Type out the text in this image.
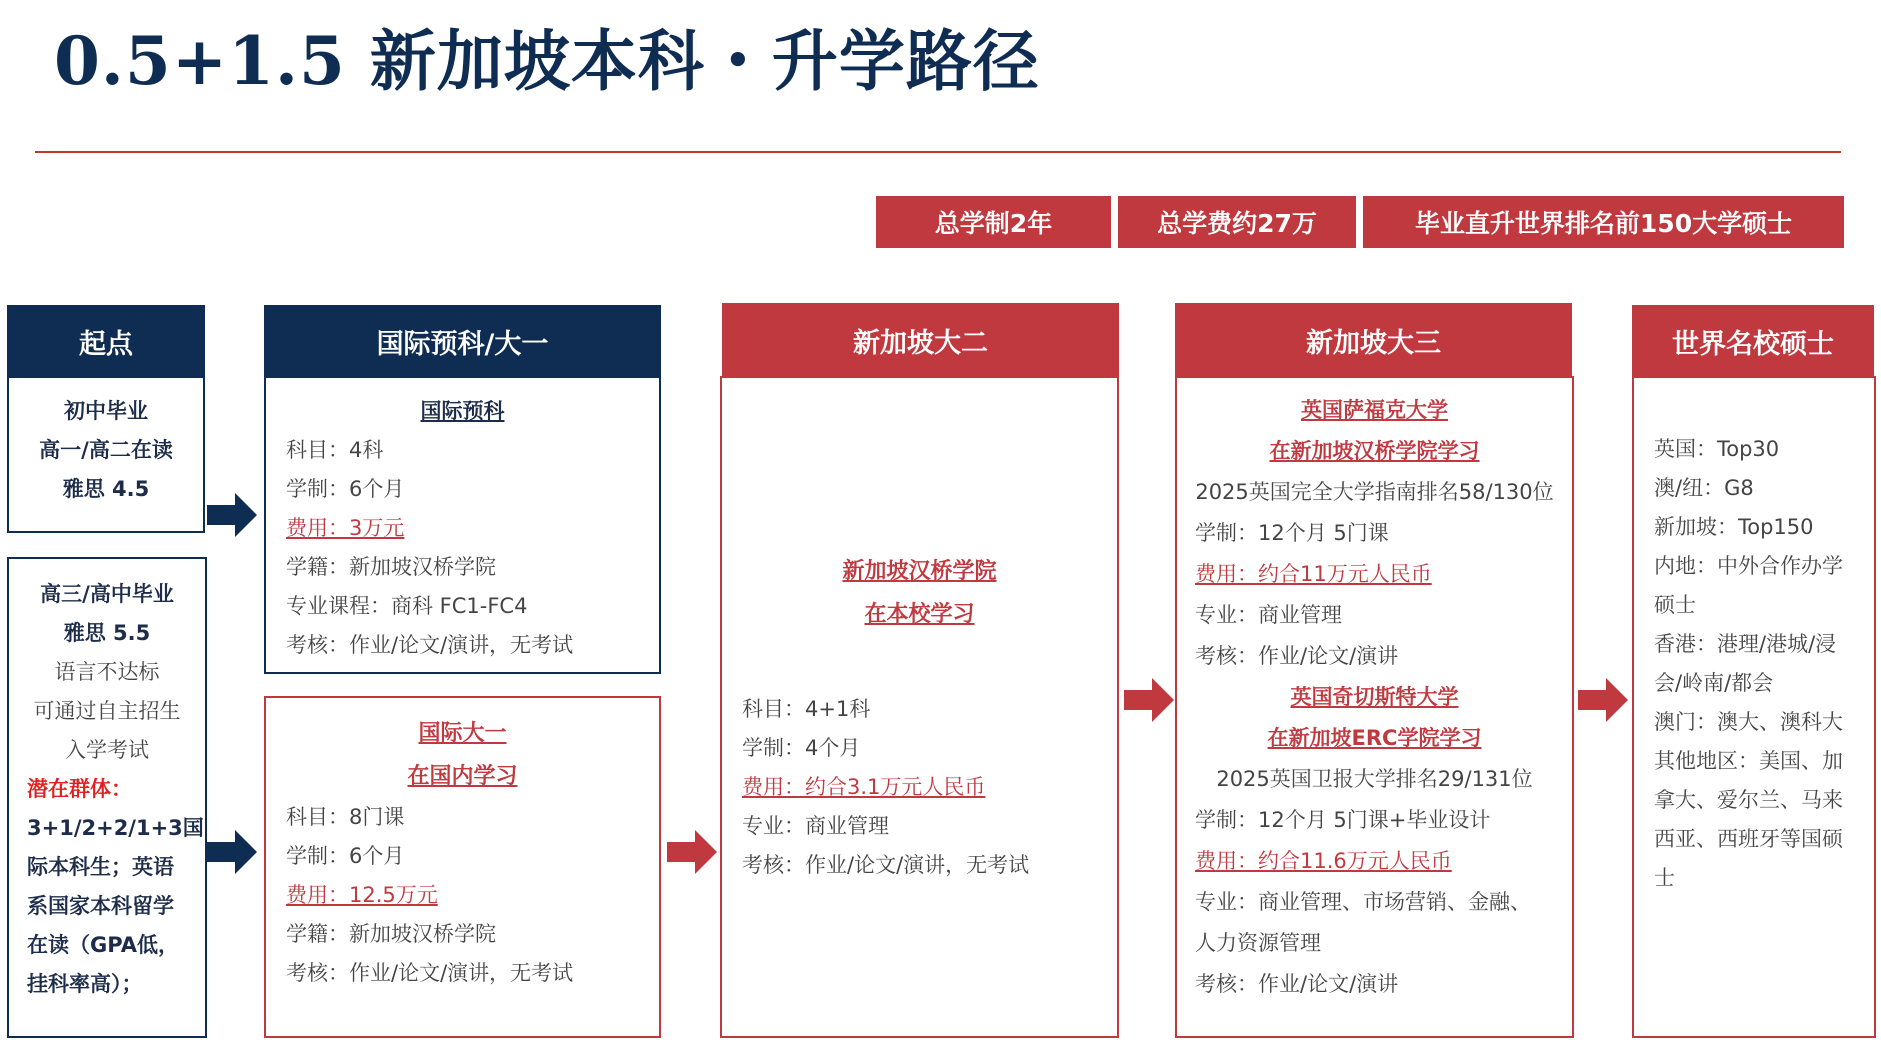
0.5+1.5 新加坡本科・升学路径
总学制2年	总学费约27万	毕业直升世界排名前150大学硕士
起点
初中毕业
高一/高二在读
雅思 4.5
高三/高中毕业
雅思 5.5
语言不达标
可通过自主招生
入学考试
潜在群体：
3+1/2+2/1+3国
际本科生；英语
系国家本科留学
在读（GPA低，
挂科率高）；
国际预科/大一
国际预科
科目：4科
学制：6个月
费用：3万元
学籍：新加坡汉桥学院
专业课程：商科 FC1-FC4
考核：作业/论文/演讲，无考试
国际大一
在国内学习
科目：8门课
学制：6个月
费用：12.5万元
学籍：新加坡汉桥学院
考核：作业/论文/演讲，无考试
新加坡大二
新加坡汉桥学院
在本校学习
科目：4+1科
学制：4个月
费用：约合3.1万元人民币
专业：商业管理
考核：作业/论文/演讲，无考试
新加坡大三
英国萨福克大学
在新加坡汉桥学院学习
2025英国完全大学指南排名58/130位
学制：12个月 5门课
费用：约合11万元人民币
专业：商业管理
考核：作业/论文/演讲
英国奇切斯特大学
在新加坡ERC学院学习
2025英国卫报大学排名29/131位
学制：12个月 5门课+毕业设计
费用：约合11.6万元人民币
专业：商业管理、市场营销、金融、
人力资源管理
考核：作业/论文/演讲
世界名校硕士
英国：Top30
澳/纽：G8
新加坡：Top150
内地：中外合作办学
硕士
香港：港理/港城/浸
会/岭南/都会
澳门：澳大、澳科大
其他地区：美国、加
拿大、爱尔兰、马来
西亚、西班牙等国硕
士
